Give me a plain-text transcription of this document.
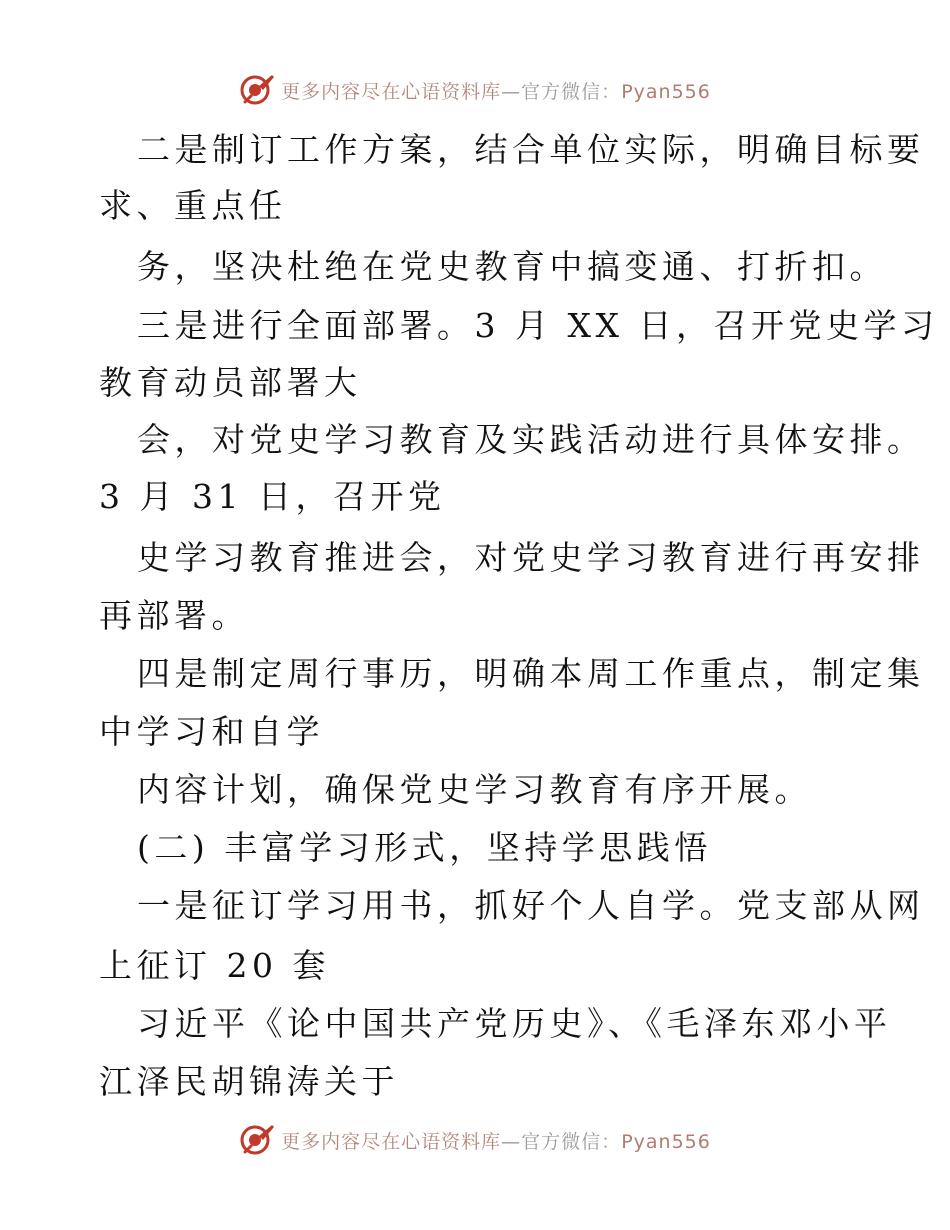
更多内容尽在心语资料库—官方微信：Pyan556
二是制订工作方案，结合单位实际，明确目标要
求、重点任
务，坚决杜绝在党史教育中搞变通、打折扣。
三是进行全面部署。3 月 XX 日，召开党史学习
教育动员部署大
会，对党史学习教育及实践活动进行具体安排。
3 月 31 日，召开党
史学习教育推进会，对党史学习教育进行再安排
再部署。
四是制定周行事历，明确本周工作重点，制定集
中学习和自学
内容计划，确保党史学习教育有序开展。
(二) 丰富学习形式，坚持学思践悟
一是征订学习用书，抓好个人自学。党支部从网
上征订 20 套
习近平《论中国共产党历史》、《毛泽东邓小平
江泽民胡锦涛关于
更多内容尽在心语资料库—官方微信：Pyan556
